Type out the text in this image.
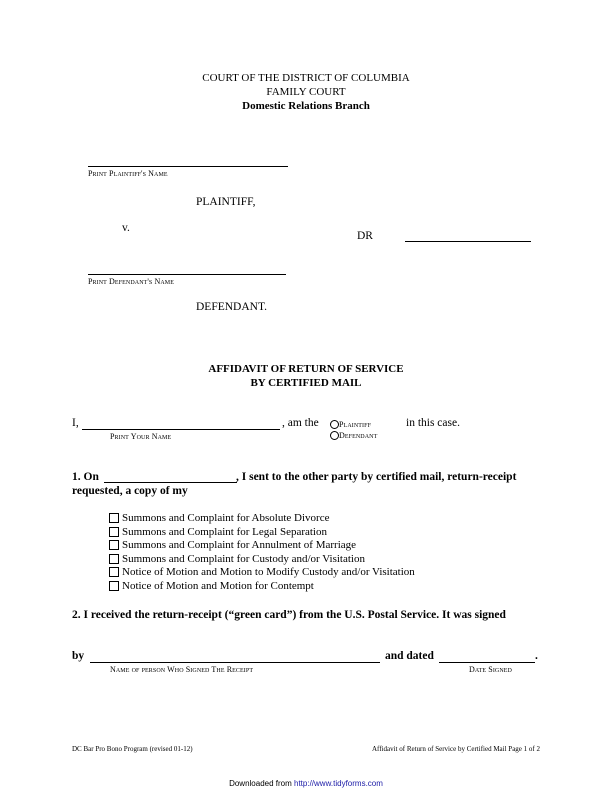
COURT OF THE DISTRICT OF COLUMBIA
FAMILY COURT
Domestic Relations Branch
Print Plaintiff's Name
PLAINTIFF,
v.
DR
Print Defendant's Name
DEFENDANT.
AFFIDAVIT OF RETURN OF SERVICE
BY CERTIFIED MAIL
I,	, am the
Print Your Name
Plaintiff
Defendant
in this case.
1. On	, I sent to the other party by certified mail, return-receipt
requested, a copy of my
Summons and Complaint for Absolute Divorce
Summons and Complaint for Legal Separation
Summons and Complaint for Annulment of Marriage
Summons and Complaint for Custody and/or Visitation
Notice of Motion and Motion to Modify Custody and/or Visitation
Notice of Motion and Motion for Contempt
2. I received the return-receipt (“green card”) from the U.S. Postal Service. It was signed
by	and dated	.
Name of person Who Signed The Receipt	Date Signed
DC Bar Pro Bono Program (revised 01-12)	Affidavit of Return of Service by Certified Mail Page 1 of 2
Downloaded from http://www.tidyforms.com
